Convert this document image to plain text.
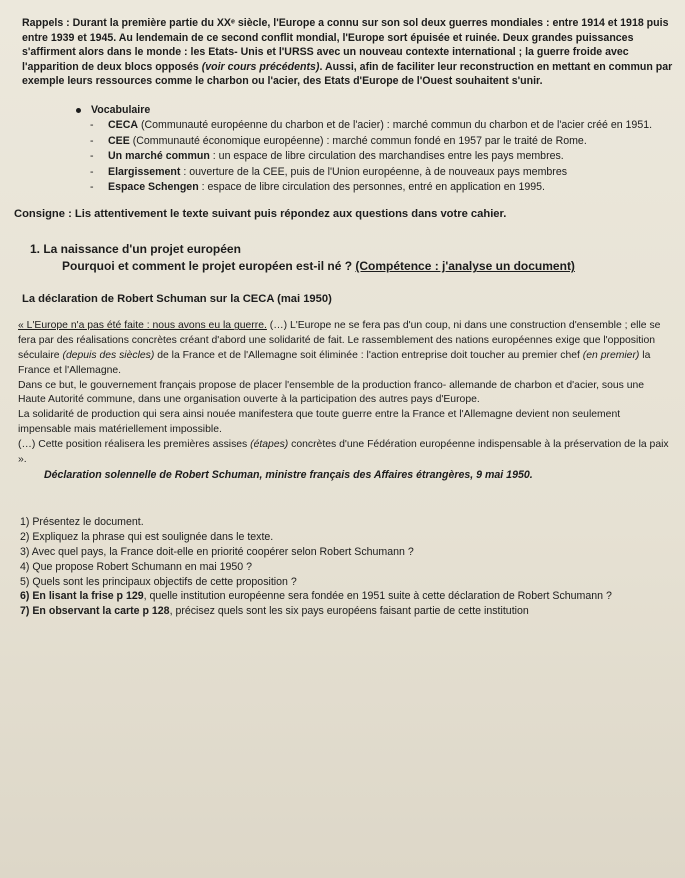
Rappels : Durant la première partie du XXᵉ siècle, l'Europe a connu sur son sol deux guerres mondiales : entre 1914 et 1918 puis entre 1939 et 1945. Au lendemain de ce second conflit mondial, l'Europe sort épuisée et ruinée. Deux grandes puissances s'affirment alors dans le monde : les Etats- Unis et l'URSS avec un nouveau contexte international ; la guerre froide avec l'apparition de deux blocs opposés (voir cours précédents). Aussi, afin de faciliter leur reconstruction en mettant en commun par exemple leurs ressources comme le charbon ou l'acier, des Etats d'Europe de l'Ouest souhaitent s'unir.

Vocabulaire
- CECA (Communauté européenne du charbon et de l'acier) : marché commun du charbon et de l'acier créé en 1951.
- CEE (Communauté économique européenne) : marché commun fondé en 1957 par le traité de Rome.
- Un marché commun : un espace de libre circulation des marchandises entre les pays membres.
- Elargissement : ouverture de la CEE, puis de l'Union européenne, à de nouveaux pays membres
- Espace Schengen : espace de libre circulation des personnes, entré en application en 1995.

Consigne : Lis attentivement le texte suivant puis répondez aux questions dans votre cahier.

1. La naissance d'un projet européen
Pourquoi et comment le projet européen est-il né ? (Compétence : j'analyse un document)
La déclaration de Robert Schuman sur la CECA (mai 1950)
« L'Europe n'a pas été faite : nous avons eu la guerre. (…) L'Europe ne se fera pas d'un coup, ni dans une construction d'ensemble ; elle se fera par des réalisations concrètes créant d'abord une solidarité de fait. Le rassemblement des nations européennes exige que l'opposition séculaire (depuis des siècles) de la France et de l'Allemagne soit éliminée : l'action entreprise doit toucher au premier chef (en premier) la France et l'Allemagne.
Dans ce but, le gouvernement français propose de placer l'ensemble de la production franco- allemande de charbon et d'acier, sous une Haute Autorité commune, dans une organisation ouverte à la participation des autres pays d'Europe.
La solidarité de production qui sera ainsi nouée manifestera que toute guerre entre la France et l'Allemagne devient non seulement impensable mais matériellement impossible.
(…) Cette position réalisera les premières assises (étapes) concrètes d'une Fédération européenne indispensable à la préservation de la paix ».
Déclaration solennelle de Robert Schuman, ministre français des Affaires étrangères, 9 mai 1950.
1) Présentez le document.
2) Expliquez la phrase qui est soulignée dans le texte.
3) Avec quel pays, la France doit-elle en priorité coopérer selon Robert Schumann ?
4) Que propose Robert Schumann en mai 1950 ?
5) Quels sont les principaux objectifs de cette proposition ?
6) En lisant la frise p 129, quelle institution européenne sera fondée en 1951 suite à cette déclaration de Robert Schumann ?
7) En observant la carte p 128, précisez quels sont les six pays européens faisant partie de cette institution
